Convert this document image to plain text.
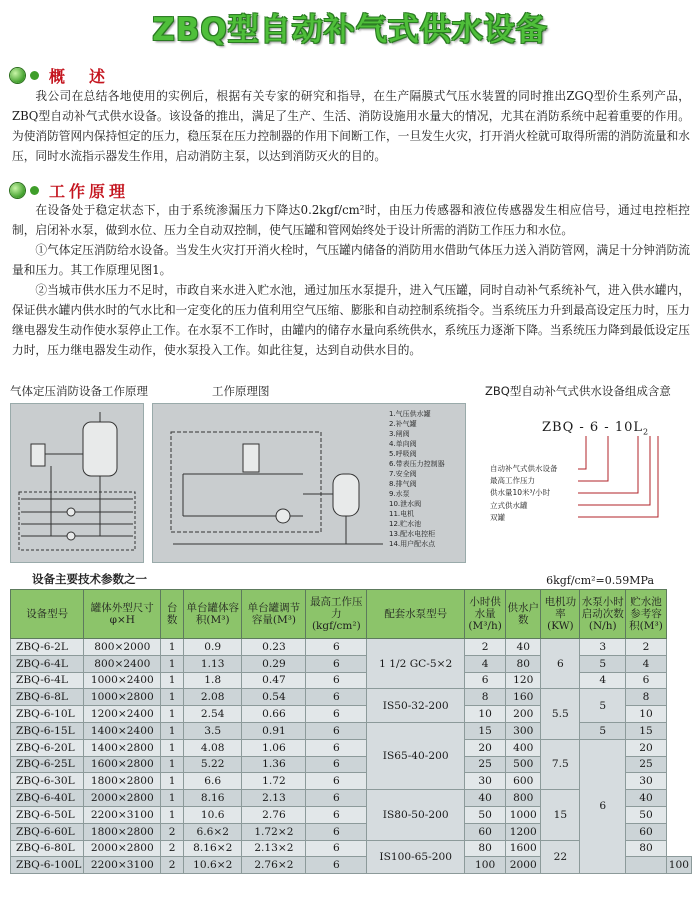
ZBQ型自动补气式供水设备
概　述

我公司在总结各地使用的实例后，根据有关专家的研究和指导，在生产隔膜式气压水装置的同时推出ZGQ型价生系列产品，ZBQ型自动补气式供水设备。该设备的推出，满足了生产、生活、消防设施用水量大的情况，尤其在消防系统中起着重要的作用。为使消防管网内保持恒定的压力，稳压泵在压力控制器的作用下间断工作，一旦发生火灾，打开消火栓就可取得所需的消防流量和水压，同时水流指示器发生作用，启动消防主泵，以达到消防灭火的目的。

工作原理

在设备处于稳定状态下，由于系统渗漏压力下降达0.2kgf/cm²时，由压力传感器和液位传感器发生相应信号，通过电控柜控制，启闭补水泵，做到水位、压力全自动双控制，使气压罐和管网始终处于设计所需的消防工作压力和水位。

①气体定压消防给水设备。当发生火灾打开消火栓时，气压罐内储备的消防用水借助气体压力送入消防管网，满足十分钟消防流量和压力。其工作原理见图1。

②当城市供水压力不足时，市政自来水进入贮水池，通过加压水泵提升，进入气压罐，同时自动补气系统补气，进入供水罐内，保证供水罐内供水时的气水比和一定变化的压力值利用空气压缩、膨胀和自动控制系统指令。当系统压力升到最高设定压力时，压力继电器发生动作使水泵停止工作。在水泵不工作时，由罐内的储存水量向系统供水，系统压力逐渐下降。当系统压力降到最低设定压力时，压力继电器发生动作，使水泵投入工作。如此往复，达到自动供水目的。

气体定压消防设备工作原理	工作原理图
1.气压供水罐
2.补气罐
3.闸阀
4.单向阀
5.呼吸阀
6.带表压力控制器
7.安全阀
8.排气阀
9.水泵
10.泄水阀
11.电机
12.贮水池
13.配水电控柜
14.用户配水点
ZBQ型自动补气式供水设备组成含意
ZBQ - $6 - 10L_2$
自动补气式供水设备
最高工作压力
供水量10米³/小时
立式供水罐
双罐
设备主要技术参数之一	6kgf/cm²=0.59MPa
设备型号	罐体外型尺寸φ×H	台数	单台罐体容积(M³)	单台罐调节容量(M³)	最高工作压力(kgf/cm²)	配套水泵型号	小时供水量(M³/h)	供水户数	电机功率(KW)	水泵小时启动次数(N/h)	贮水池参考容积(M³)	
ZBQ-6-2L	800×2000	1	0.9	0.23	6	1 1/2 GC-5×2	2	40	6	3	2	
ZBQ-6-4L	800×2400	1	1.13	0.29	6		4	80		5	4	
ZBQ-6-4L	1000×2400	1	1.8	0.47	6		6	120		4	6	
ZBQ-6-8L	1000×2800	1	2.08	0.54	6	IS50-32-200	8	160	5.5	5	8	
ZBQ-6-10L	1200×2400	1	2.54	0.66	6		10	200			10	
ZBQ-6-15L	1400×2400	1	3.5	0.91	6	IS65-40-200	15	300		5	15	
ZBQ-6-20L	1400×2800	1	4.08	1.06	6		20	400	7.5	6	20	
ZBQ-6-25L	1600×2800	1	5.22	1.36	6		25	500			25	
ZBQ-6-30L	1800×2800	1	6.6	1.72	6		30	600			30	
ZBQ-6-40L	2000×2800	1	8.16	2.13	6	IS80-50-200	40	800	15		40	
ZBQ-6-50L	2200×3100	1	10.6	2.76	6		50	1000			50	
ZBQ-6-60L	1800×2800	2	6.6×2	1.72×2	6		60	1200			60	
ZBQ-6-80L	2000×2800	2	8.16×2	2.13×2	6	IS100-65-200	80	1600	22		80	
ZBQ-6-100L	2200×3100	2	10.6×2	2.76×2	6		100	2000				100
